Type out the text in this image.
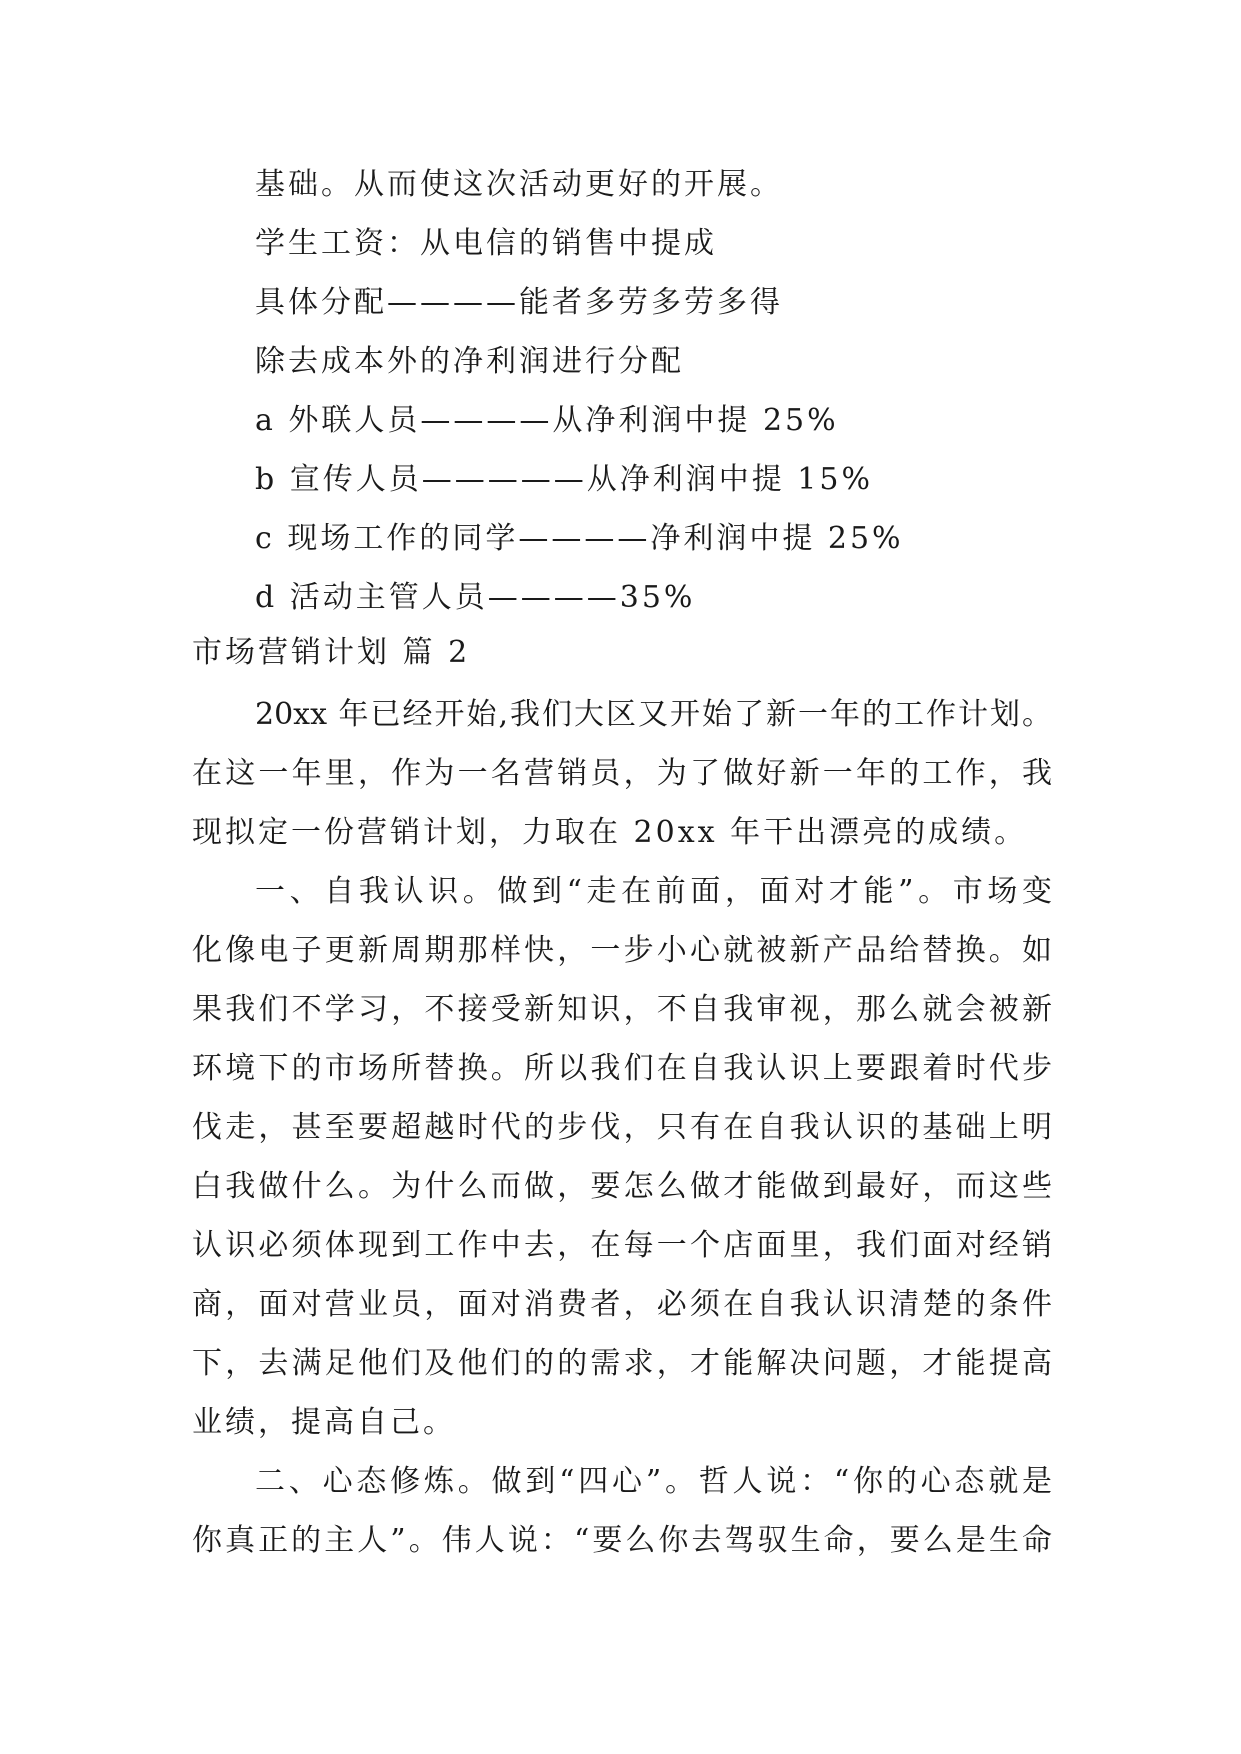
基础。从而使这次活动更好的开展。
学生工资：从电信的销售中提成
具体分配————能者多劳多劳多得
除去成本外的净利润进行分配
a 外联人员————从净利润中提 25%
b 宣传人员—————从净利润中提 15%
c 现场工作的同学————净利润中提 25%
d 活动主管人员————35%
市场营销计划 篇 2
20xx 年已经开始,我们大区又开始了新一年的工作计划。
在这一年里，作为一名营销员，为了做好新一年的工作，我
现拟定一份营销计划，力取在 20xx 年干出漂亮的成绩。
一、自我认识。做到“走在前面，面对才能”。市场变
化像电子更新周期那样快，一步小心就被新产品给替换。如
果我们不学习，不接受新知识，不自我审视，那么就会被新
环境下的市场所替换。所以我们在自我认识上要跟着时代步
伐走，甚至要超越时代的步伐，只有在自我认识的基础上明
白我做什么。为什么而做，要怎么做才能做到最好，而这些
认识必须体现到工作中去，在每一个店面里，我们面对经销
商，面对营业员，面对消费者，必须在自我认识清楚的条件
下，去满足他们及他们的的需求，才能解决问题，才能提高
业绩，提高自己。
二、心态修炼。做到“四心”。哲人说：“你的心态就是
你真正的主人”。伟人说：“要么你去驾驭生命，要么是生命
